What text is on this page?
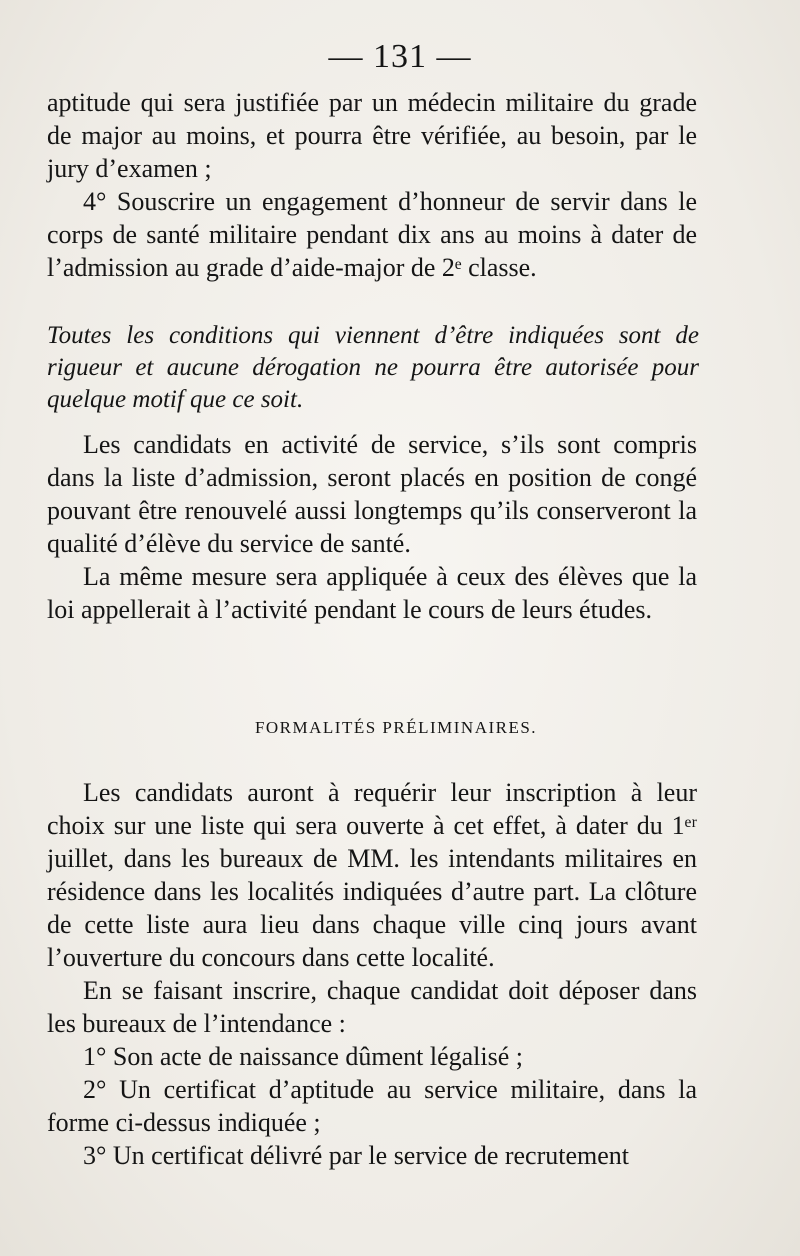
— 131 —

aptitude qui sera justifiée par un médecin militaire du grade de major au moins, et pourra être vérifiée, au besoin, par le jury d’examen ;

4° Souscrire un engagement d’honneur de servir dans le corps de santé militaire pendant dix ans au moins à dater de l’admission au grade d’aide-major de 2ᵉ classe.

Toutes les conditions qui viennent d’être indiquées sont de rigueur et aucune dérogation ne pourra être autorisée pour quelque motif que ce soit.

Les candidats en activité de service, s’ils sont compris dans la liste d’admission, seront placés en position de congé pouvant être renouvelé aussi longtemps qu’ils conserveront la qualité d’élève du service de santé.

La même mesure sera appliquée à ceux des élèves que la loi appellerait à l’activité pendant le cours de leurs études.

FORMALITÉS PRÉLIMINAIRES.

Les candidats auront à requérir leur inscription à leur choix sur une liste qui sera ouverte à cet effet, à dater du 1ᵉʳ juillet, dans les bureaux de MM. les intendants militaires en résidence dans les localités indiquées d’autre part. La clôture de cette liste aura lieu dans chaque ville cinq jours avant l’ouverture du concours dans cette localité.

En se faisant inscrire, chaque candidat doit déposer dans les bureaux de l’intendance :

1° Son acte de naissance dûment légalisé ;

2° Un certificat d’aptitude au service militaire, dans la forme ci-dessus indiquée ;

3° Un certificat délivré par le service de recrutement
